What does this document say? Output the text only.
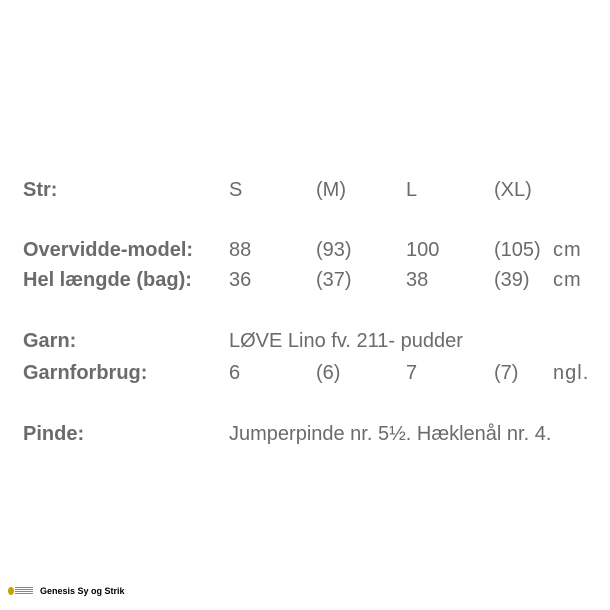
Str:	S	(M)	L	(XL)
Overvidde-model: 88	(93)	100	(105) cm
Hel længde (bag): 36	(37)	38	(39) cm
Garn:	LØVE Lino fv. 211- pudder
Garnforbrug:	6	(6)	7	(7) ngl.
Pinde:	Jumperpinde nr. 5½. Hæklenål nr. 4.
Genesis Sy og Strik
